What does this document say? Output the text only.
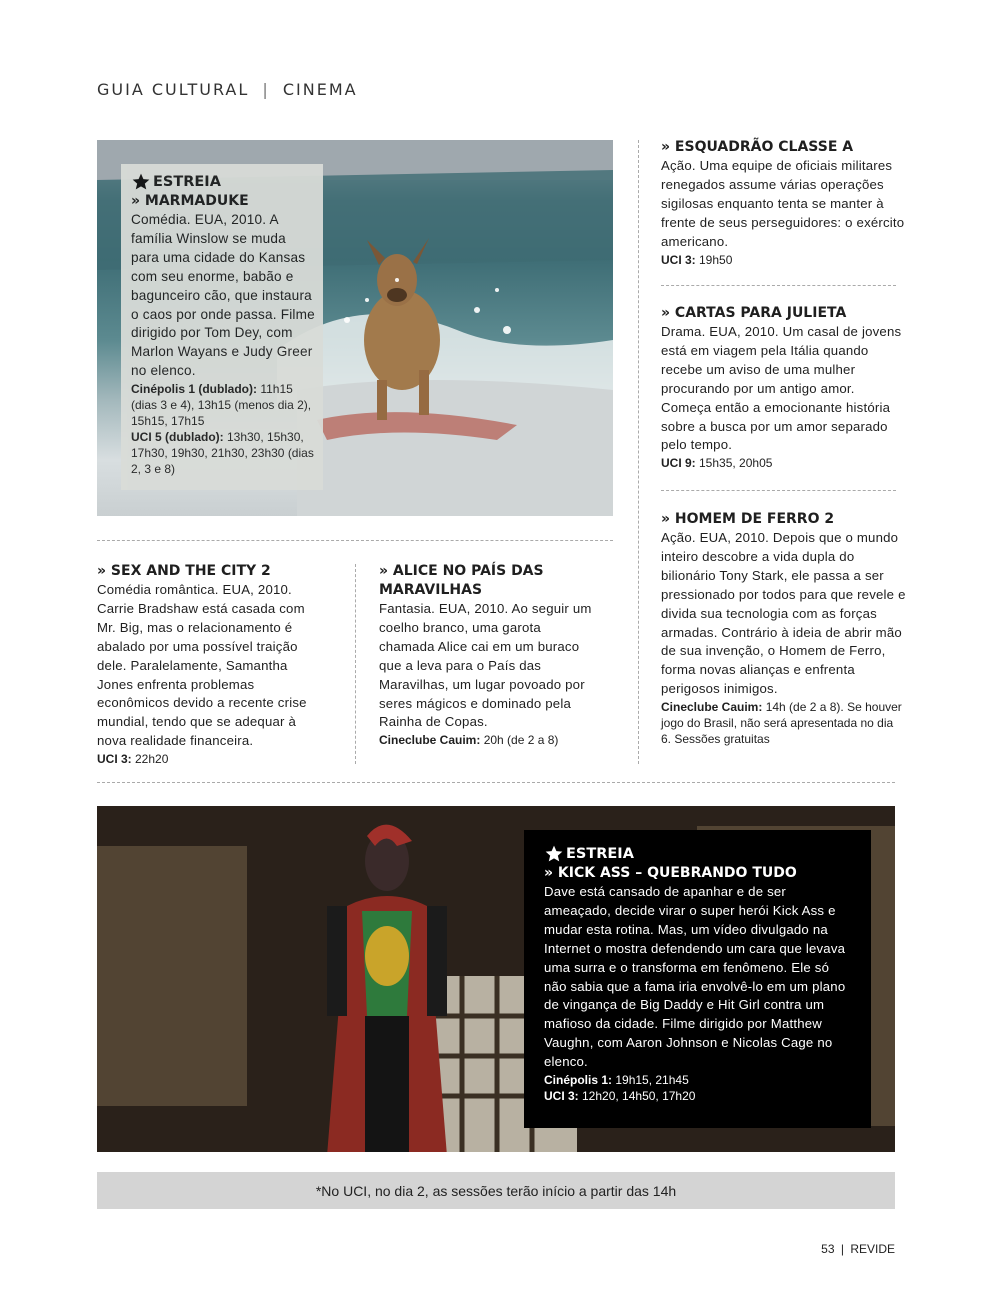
GUIA CULTURAL | CINEMA
ESTREIA
» MARMADUKE

Comédia. EUA, 2010. A família Winslow se muda para uma cidade do Kansas com seu enorme, babão e bagunceiro cão, que instaura o caos por onde passa. Filme dirigido por Tom Dey, com Marlon Wayans e Judy Greer no elenco.

Cinépolis 1 (dublado): 11h15 (dias 3 e 4), 13h15 (menos dia 2), 15h15, 17h15
UCI 5 (dublado): 13h30, 15h30, 17h30, 19h30, 21h30, 23h30 (dias 2, 3 e 8)
» ESQUADRÃO CLASSE A

Ação. Uma equipe de oficiais militares renegados assume várias operações sigilosas enquanto tenta se manter à frente de seus perseguidores: o exército americano.

UCI 3: 19h50
» CARTAS PARA JULIETA

Drama. EUA, 2010. Um casal de jovens está em viagem pela Itália quando recebe um aviso de uma mulher procurando por um antigo amor. Começa então a emocionante história sobre a busca por um amor separado pelo tempo.

UCI 9: 15h35, 20h05
» HOMEM DE FERRO 2

Ação. EUA, 2010. Depois que o mundo inteiro descobre a vida dupla do bilionário Tony Stark, ele passa a ser pressionado por todos para que revele e divida sua tecnologia com as forças armadas. Contrário à ideia de abrir mão de sua invenção, o Homem de Ferro, forma novas alianças e enfrenta perigosos inimigos.

Cineclube Cauim: 14h (de 2 a 8). Se houver jogo do Brasil, não será apresentada no dia 6. Sessões gratuitas
» SEX AND THE CITY 2

Comédia romântica. EUA, 2010. Carrie Bradshaw está casada com Mr. Big, mas o relacionamento é abalado por uma possível traição dele. Paralelamente, Samantha Jones enfrenta problemas econômicos devido a recente crise mundial, tendo que se adequar à nova realidade financeira.

UCI 3: 22h20
» ALICE NO PAÍS DAS MARAVILHAS

Fantasia. EUA, 2010. Ao seguir um coelho branco, uma garota chamada Alice cai em um buraco que a leva para o País das Maravilhas, um lugar povoado por seres mágicos e dominado pela Rainha de Copas.

Cineclube Cauim: 20h (de 2 a 8)
ESTREIA
» KICK ASS – QUEBRANDO TUDO

Dave está cansado de apanhar e de ser ameaçado, decide virar o super herói Kick Ass e mudar esta rotina. Mas, um vídeo divulgado na Internet o mostra defendendo um cara que levava uma surra e o transforma em fenômeno. Ele só não sabia que a fama iria envolvê-lo em um plano de vingança de Big Daddy e Hit Girl contra um mafioso da cidade. Filme dirigido por Matthew Vaughn, com Aaron Johnson e Nicolas Cage no elenco.

Cinépolis 1: 19h15, 21h45
UCI 3: 12h20, 14h50, 17h20
*No UCI, no dia 2, as sessões terão início a partir das 14h
53 | REVIDE
